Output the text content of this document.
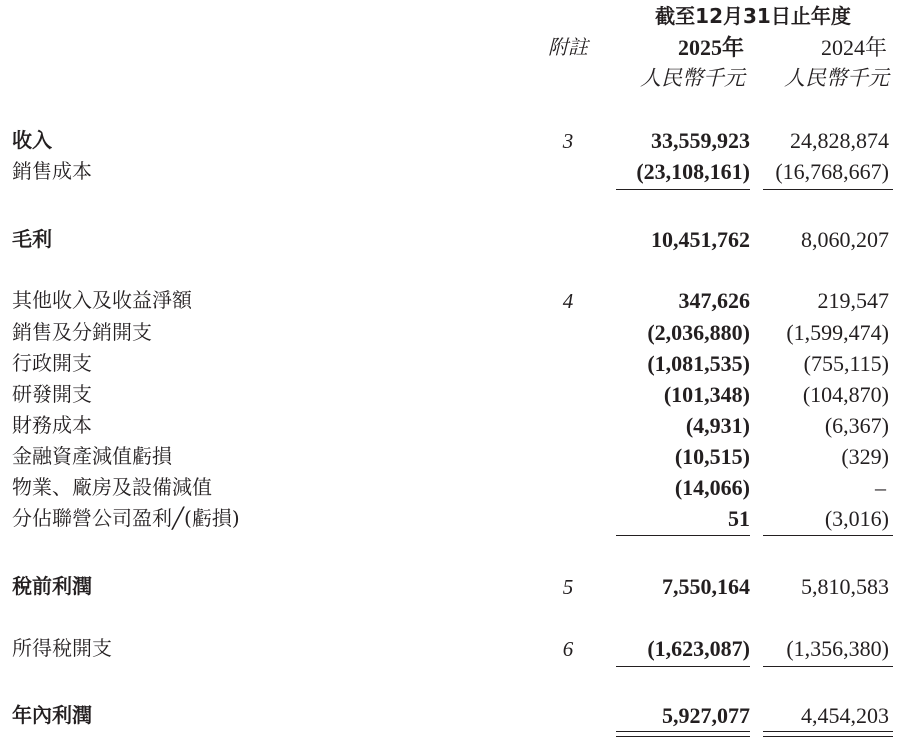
截至12月31日止年度
附註	2025年	2024年
人民幣千元 人民幣千元
收入	3	33,559,923 24,828,874
銷售成本	(23,108,161) (16,768,667)
毛利	10,451,762 8,060,207
其他收入及收益淨額	4	347,626	219,547
銷售及分銷開支	(2,036,880) (1,599,474)
行政開支	(1,081,535) (755,115)
研發開支	(101,348) (104,870)
財務成本	(4,931)	(6,367)
金融資產減值虧損	(10,515)	(329)
物業、廠房及設備減值	(14,066)	–
分佔聯營公司盈利╱(虧損)	51	(3,016)
稅前利潤	5	7,550,164 5,810,583
所得稅開支	6	(1,623,087) (1,356,380)
年內利潤	5,927,077 4,454,203
